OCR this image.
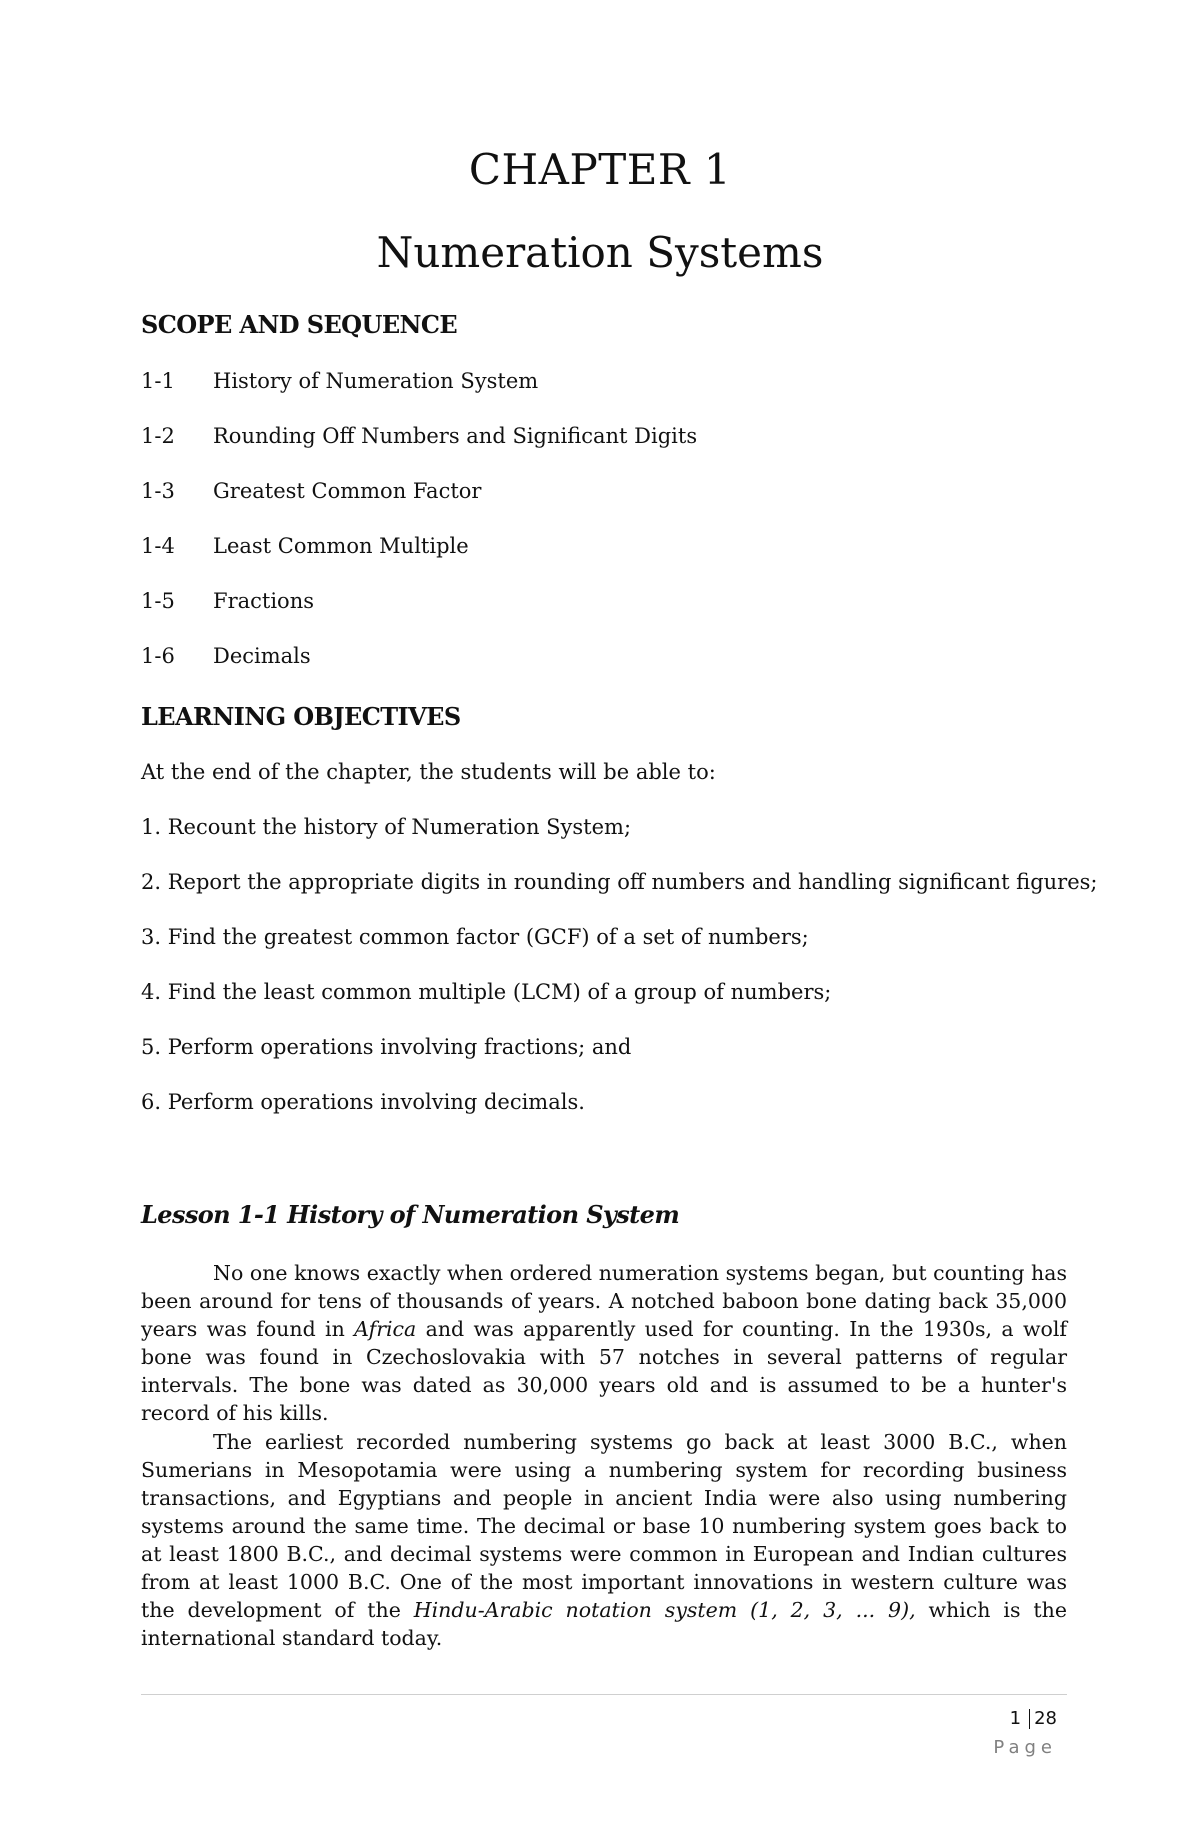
CHAPTER 1
Numeration Systems
SCOPE AND SEQUENCE
1-1	History of Numeration System
1-2	Rounding Off Numbers and Significant Digits
1-3	Greatest Common Factor
1-4	Least Common Multiple
1-5	Fractions
1-6	Decimals
LEARNING OBJECTIVES
At the end of the chapter, the students will be able to:
1. Recount the history of Numeration System;
2. Report the appropriate digits in rounding off numbers and handling significant figures;
3. Find the greatest common factor (GCF) of a set of numbers;
4. Find the least common multiple (LCM) of a group of numbers;
5. Perform operations involving fractions; and
6. Perform operations involving decimals.
Lesson 1-1 History of Numeration System
No one knows exactly when ordered numeration systems began, but counting has been around for tens of thousands of years. A notched baboon bone dating back 35,000 years was found in Africa and was apparently used for counting. In the 1930s, a wolf bone was found in Czechoslovakia with 57 notches in several patterns of regular intervals. The bone was dated as 30,000 years old and is assumed to be a hunter's record of his kills.
The earliest recorded numbering systems go back at least 3000 B.C., when Sumerians in Mesopotamia were using a numbering system for recording business transactions, and Egyptians and people in ancient India were also using numbering systems around the same time. The decimal or base 10 numbering system goes back to at least 1800 B.C., and decimal systems were common in European and Indian cultures from at least 1000 B.C. One of the most important innovations in western culture was the development of the Hindu-Arabic notation system (1, 2, 3, ... 9), which is the international standard today.
1 28
Page
